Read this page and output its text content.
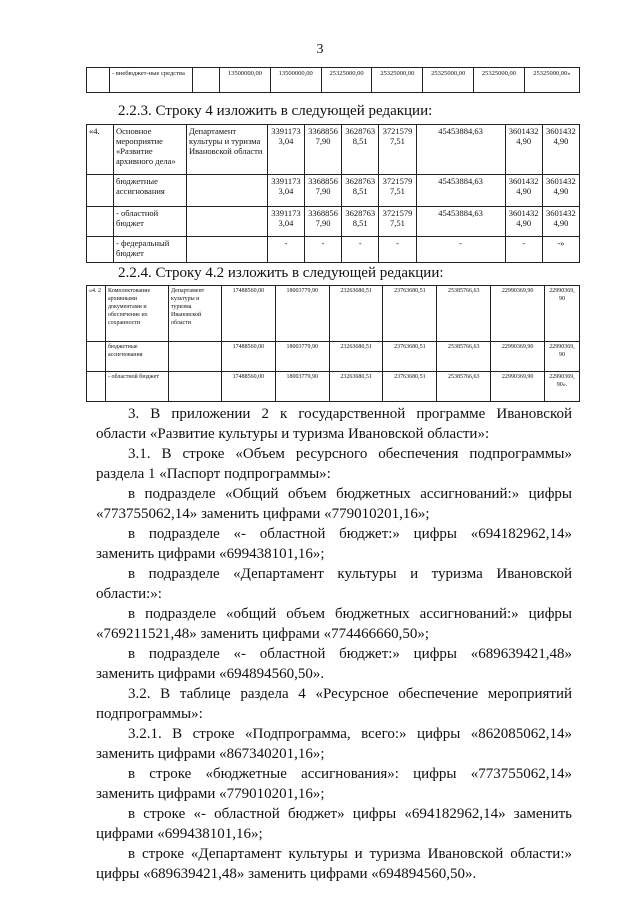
3
	- внебюджет-ные средства		13500000,00	13500000,00	25325000,00	25325000,00	25325000,00	25325000,00	25325000,00»
2.2.3. Строку 4 изложить в следующей редакции:
«4.	Основное мероприятие «Развитие архивного дела»	Департамент культуры и туризма Ивановской области	3391173 3,04	3368856 7,90	3628763 8,51	3721579 7,51	45453884,63	3601432 4,90	3601432 4,90
	бюджетные ассигнования		3391173 3,04	3368856 7,90	3628763 8,51	3721579 7,51	45453884,63	3601432 4,90	3601432 4,90
	- областной бюджет		3391173 3,04	3368856 7,90	3628763 8,51	3721579 7,51	45453884,63	3601432 4,90	3601432 4,90
	- федеральный бюджет		-	-	-	-	-	-	-»
2.2.4. Строку 4.2 изложить в следующей редакции:
«4. 2	Комплектование архивными документами и обеспечение их сохранности	Департамент культуры и туризма Ивановской области	17488560,00	18003779,90	23263680,51	23763680,51	25385766,63	22990369,90	22990369, 90
	бюджетные ассигнования		17488560,00	18003779,90	23263680,51	23763680,51	25385766,63	22990369,90	22990369, 90
	- областной бюджет		17488560,00	18003779,90	23263680,51	23763680,51	25385766,63	22990369,90	22990369, 90».

3. В приложении 2 к государственной программе Ивановской области «Развитие культуры и туризма Ивановской области»:

3.1. В строке «Объем ресурсного обеспечения подпрограммы» раздела 1 «Паспорт подпрограммы»:

в подразделе «Общий объем бюджетных ассигнований:» цифры «773755062,14» заменить цифрами «779010201,16»;

в подразделе «- областной бюджет:» цифры «694182962,14» заменить цифрами «699438101,16»;

в подразделе «Департамент культуры и туризма Ивановской области:»:

в подразделе «общий объем бюджетных ассигнований:» цифры «769211521,48» заменить цифрами «774466660,50»;

в подразделе «- областной бюджет:» цифры «689639421,48» заменить цифрами «694894560,50».

3.2. В таблице раздела 4 «Ресурсное обеспечение мероприятий подпрограммы»:

3.2.1. В строке «Подпрограмма, всего:» цифры «862085062,14» заменить цифрами «867340201,16»;

в строке «бюджетные ассигнования»: цифры «773755062,14» заменить цифрами «779010201,16»;

в строке «- областной бюджет» цифры «694182962,14» заменить цифрами «699438101,16»;

в строке «Департамент культуры и туризма Ивановской области:» цифры «689639421,48» заменить цифрами «694894560,50».
